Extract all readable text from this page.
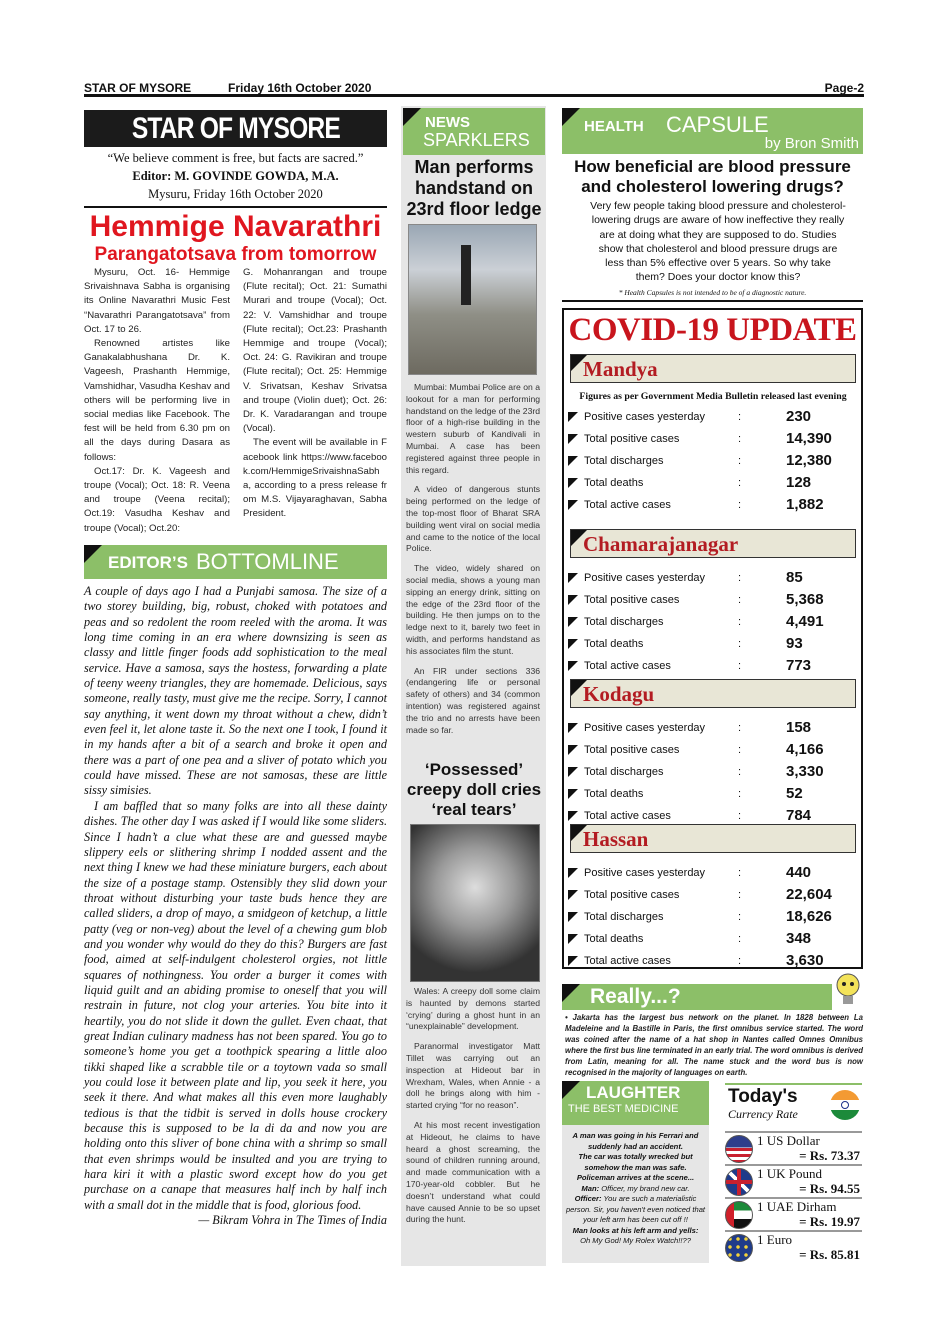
STAR OF MYSORE	Friday 16th October 2020	Page-2
STAR OF MYSORE
“We believe comment is free, but facts are sacred.”
Editor: M. GOVINDE GOWDA, M.A.
Mysuru, Friday 16th October 2020
Hemmige Navarathri
Parangatotsava from tomorrow

Mysuru, Oct. 16- Hemmige Srivaishnava Sabha is organising its Online Navarathri Music Fest “Navarathri Parangatotsava” from Oct. 17 to 26.

Renowned artistes like Ganakalabhushana Dr. K. Vageesh, Prashanth Hemmige, Vamshidhar, Vasudha Keshav and others will be performing live in social medias like Facebook. The fest will be held from 6.30 pm on all the days during Dasara as follows:

Oct.17: Dr. K. Vageesh and troupe (Vocal); Oct. 18: R. Veena and troupe (Veena recital); Oct.19: Vasudha Keshav and troupe (Vocal); Oct.20:

G. Mohanrangan and troupe (Flute recital); Oct. 21: Sumathi Murari and troupe (Vocal); Oct. 22: V. Vamshidhar and troupe (Flute recital); Oct.23: Prashanth Hemmige and troupe (Vocal); Oct. 24: G. Ravikiran and troupe (Flute recital); Oct. 25: Hemmige V. Srivatsan, Keshav Srivatsa and troupe (Violin duet); Oct. 26: Dr. K. Varadarangan and troupe (Vocal).

The event will be available in Facebook link https://www.facebook.com/HemmigeSrivaishnaSabha, according to a press release from M.S. Vijayaraghavan, Sabha President.

EDITOR’S BOTTOMLINE

A couple of days ago I had a Punjabi samosa. The size of a two storey building, big, robust, choked with potatoes and peas and so redolent the room reeled with the aroma. It was long time coming in an era where downsizing is seen as classy and little finger foods add sophistication to the meal service. Have a samosa, says the hostess, forwarding a plate of teeny weeny triangles, they are homemade. Delicious, says someone, really tasty, must give me the recipe. Sorry, I cannot say anything, it went down my throat without a chew, didn’t even feel it, let alone taste it. So the next one I took, I found it in my hands after a bit of a search and broke it open and there was a part of one pea and a sliver of potato which you could have missed. These are not samosas, these are little sissy simisies.

I am baffled that so many folks are into all these dainty dishes. The other day I was asked if I would like some sliders. Since I hadn’t a clue what these are and guessed maybe slippery eels or slithering shrimp I nodded assent and the next thing I knew we had these miniature burgers, each about the size of a postage stamp. Ostensibly they slid down your throat without disturbing your taste buds hence they are called sliders, a drop of mayo, a smidgeon of ketchup, a little patty (veg or non-veg) about the level of a chewing gum blob and you wonder why would do they do this? Burgers are fast food, aimed at self-indulgent cholesterol orgies, not little squares of nothingness. You order a burger it comes with liquid guilt and an abiding promise to oneself that you will restrain in future, not clog your arteries. You bite into it heartily, you do not slide it down the gullet. Even chaat, that great Indian culinary madness has not been spared. You go to someone’s home you get a toothpick spearing a little aloo tikki shaped like a scrabble tile or a toytown vada so small you could lose it between plate and lip, you seek it here, you seek it there. And what makes all this even more laughably tedious is that the tidbit is served in dolls house crockery because this is supposed to be la di da and now you are holding onto this sliver of bone china with a shrimp so small that even shrimps would be insulted and you are trying to hara kiri it with a plastic sword except how do you get purchase on a canape that measures half inch by half inch with a small dot in the middle that is food, glorious food.

— Bikram Vohra in The Times of India

NEWS
SPARKLERS
Man performs handstand on 23rd floor ledge

Mumbai: Mumbai Police are on a lookout for a man for performing handstand on the ledge of the 23rd floor of a high-rise building in the western suburb of Kandivali in Mumbai. A case has been registered against three people in this regard.

A video of dangerous stunts being performed on the ledge of the top-most floor of Bharat SRA building went viral on social media and came to the notice of the local Police.

The video, widely shared on social media, shows a young man sipping an energy drink, sitting on the edge of the 23rd floor of the building. He then jumps on to the ledge next to it, barely two feet in width, and performs handstand as his associates film the stunt.

An FIR under sections 336 (endangering life or personal safety of others) and 34 (common intention) was registered against the trio and no arrests have been made so far.

‘Possessed’ creepy doll cries ‘real tears’

Wales: A creepy doll some claim is haunted by demons started ‘crying’ during a ghost hunt in an “unexplainable” development.

Paranormal investigator Matt Tillet was carrying out an inspection at Hideout bar in Wrexham, Wales, when Annie - a doll he brings along with him - started crying “for no reason”.

At his most recent investigation at Hideout, he claims to have heard a ghost screaming, the sound of children running around, and made communication with a 170-year-old cobbler. But he doesn’t understand what could have caused Annie to be so upset during the hunt.

HEALTH CAPSULE
by Bron Smith
How beneficial are blood pressure and cholesterol lowering drugs?
Very few people taking blood pressure and cholesterol-lowering drugs are aware of how ineffective they really are at doing what they are supposed to do. Studies show that cholesterol and blood pressure drugs are less than 5% effective over 5 years. So why take them? Does your doctor know this?
* Health Capsules is not intended to be of a diagnostic nature.
COVID-19 UPDATE
Mandya
Figures as per Government Media Bulletin released last evening
Positive cases yesterday	:	230
Total positive cases	:	14,390
Total discharges	:	12,380
Total deaths	:	128
Total active cases	:	1,882
Chamarajanagar
Positive cases yesterday	:	85
Total positive cases	:	5,368
Total discharges	:	4,491
Total deaths	:	93
Total active cases	:	773
Kodagu
Positive cases yesterday	:	158
Total positive cases	:	4,166
Total discharges	:	3,330
Total deaths	:	52
Total active cases	:	784
Hassan
Positive cases yesterday	:	440
Total positive cases	:	22,604
Total discharges	:	18,626
Total deaths	:	348
Total active cases	:	3,630
Really...?
• Jakarta has the largest bus network on the planet. In 1828 between La Madeleine and la Bastille in Paris, the first omnibus service started. The word was coined after the name of a hat shop in Nantes called Omnes Omnibus where the first bus line terminated in an early trial. The word omnibus is derived from Latin, meaning for all. The name stuck and the word bus is now recognised in the majority of languages on earth.
LAUGHTER
THE BEST MEDICINE
A man was going in his Ferrari and suddenly had an accident.
The car was totally wrecked but somehow the man was safe.
Policeman arrives at the scene...
Man: Officer, my brand new car.
Officer: You are such a materialistic person. Sir, you haven't even noticed that your left arm has been cut off !!
Man looks at his left arm and yells:
Oh My God! My Rolex Watch!!??
Today's
Currency Rate
1 US Dollar
= Rs. 73.37
1 UK Pound
= Rs. 94.55
1 UAE Dirham
= Rs. 19.97
1 Euro
= Rs. 85.81
